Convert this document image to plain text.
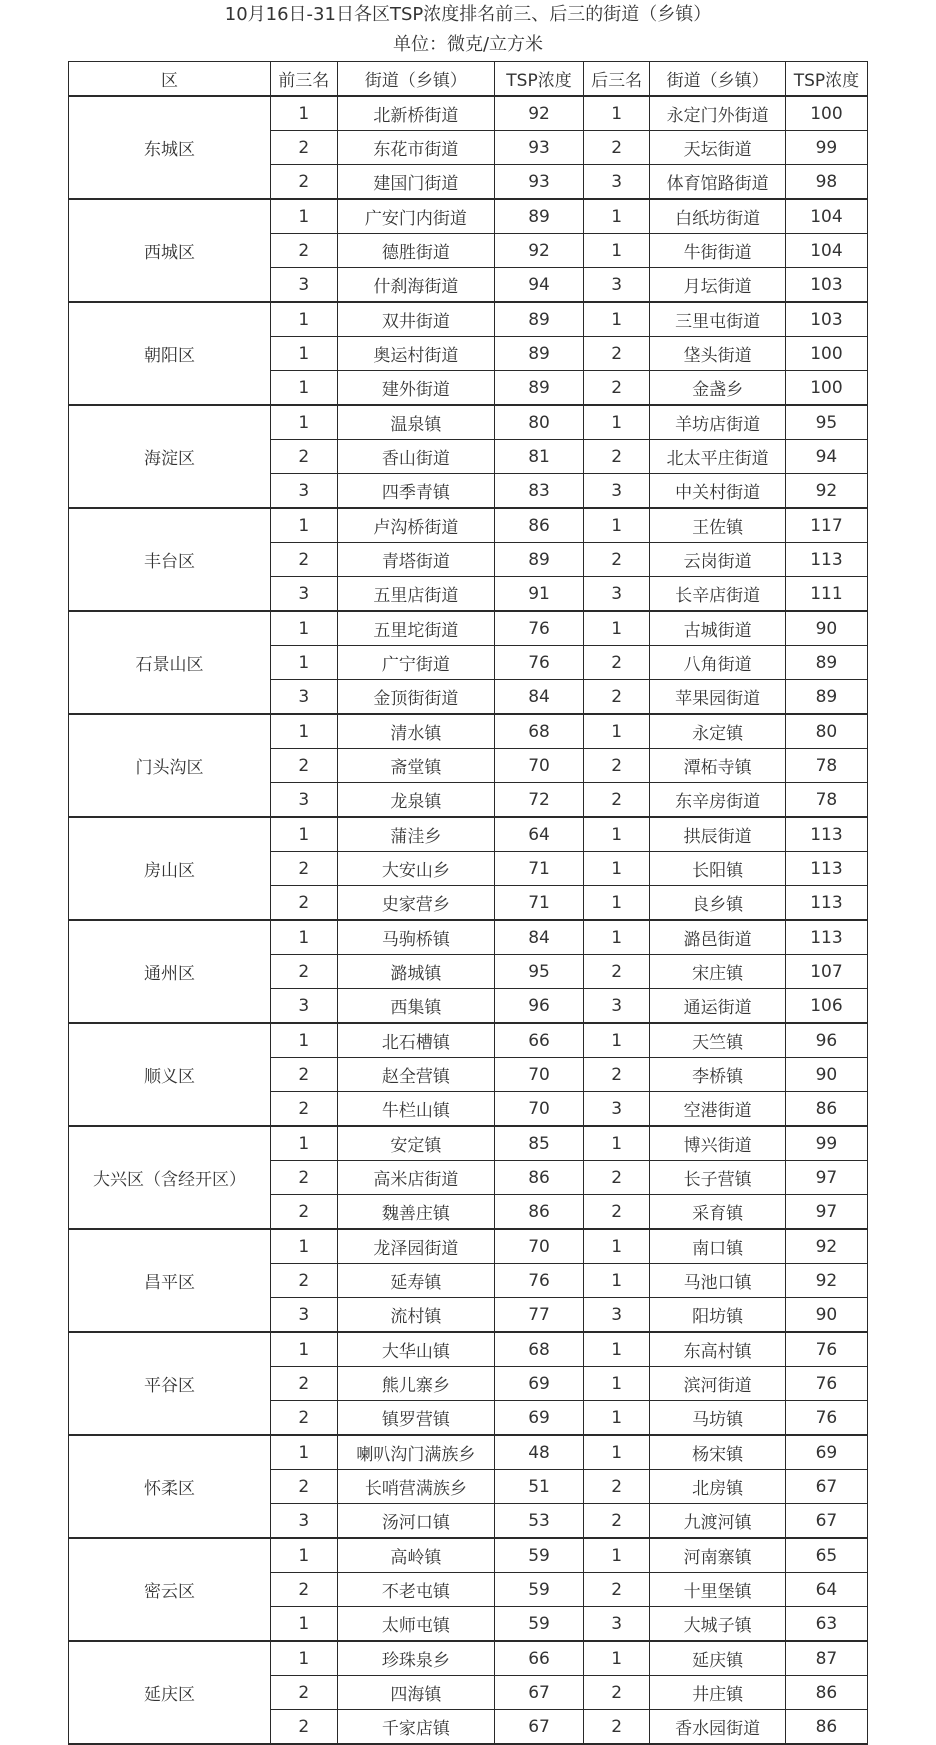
10月16日-31日各区TSP浓度排名前三、后三的街道（乡镇）
单位：微克/立方米
区	前三名	街道（乡镇）	TSP浓度	后三名	街道（乡镇）	TSP浓度
东城区	1	北新桥街道	92	1	永定门外街道	100
	2	东花市街道	93	2	天坛街道	99
	2	建国门街道	93	3	体育馆路街道	98
西城区	1	广安门内街道	89	1	白纸坊街道	104
	2	德胜街道	92	1	牛街街道	104
	3	什刹海街道	94	3	月坛街道	103
朝阳区	1	双井街道	89	1	三里屯街道	103
	1	奥运村街道	89	2	垡头街道	100
	1	建外街道	89	2	金盏乡	100
海淀区	1	温泉镇	80	1	羊坊店街道	95
	2	香山街道	81	2	北太平庄街道	94
	3	四季青镇	83	3	中关村街道	92
丰台区	1	卢沟桥街道	86	1	王佐镇	117
	2	青塔街道	89	2	云岗街道	113
	3	五里店街道	91	3	长辛店街道	111
石景山区	1	五里坨街道	76	1	古城街道	90
	1	广宁街道	76	2	八角街道	89
	3	金顶街街道	84	2	苹果园街道	89
门头沟区	1	清水镇	68	1	永定镇	80
	2	斋堂镇	70	2	潭柘寺镇	78
	3	龙泉镇	72	2	东辛房街道	78
房山区	1	蒲洼乡	64	1	拱辰街道	113
	2	大安山乡	71	1	长阳镇	113
	2	史家营乡	71	1	良乡镇	113
通州区	1	马驹桥镇	84	1	潞邑街道	113
	2	潞城镇	95	2	宋庄镇	107
	3	西集镇	96	3	通运街道	106
顺义区	1	北石槽镇	66	1	天竺镇	96
	2	赵全营镇	70	2	李桥镇	90
	2	牛栏山镇	70	3	空港街道	86
大兴区（含经开区）	1	安定镇	85	1	博兴街道	99
	2	高米店街道	86	2	长子营镇	97
	2	魏善庄镇	86	2	采育镇	97
昌平区	1	龙泽园街道	70	1	南口镇	92
	2	延寿镇	76	1	马池口镇	92
	3	流村镇	77	3	阳坊镇	90
平谷区	1	大华山镇	68	1	东高村镇	76
	2	熊儿寨乡	69	1	滨河街道	76
	2	镇罗营镇	69	1	马坊镇	76
怀柔区	1	喇叭沟门满族乡	48	1	杨宋镇	69
	2	长哨营满族乡	51	2	北房镇	67
	3	汤河口镇	53	2	九渡河镇	67
密云区	1	高岭镇	59	1	河南寨镇	65
	2	不老屯镇	59	2	十里堡镇	64
	1	太师屯镇	59	3	大城子镇	63
延庆区	1	珍珠泉乡	66	1	延庆镇	87
	2	四海镇	67	2	井庄镇	86
	2	千家店镇	67	2	香水园街道	86
